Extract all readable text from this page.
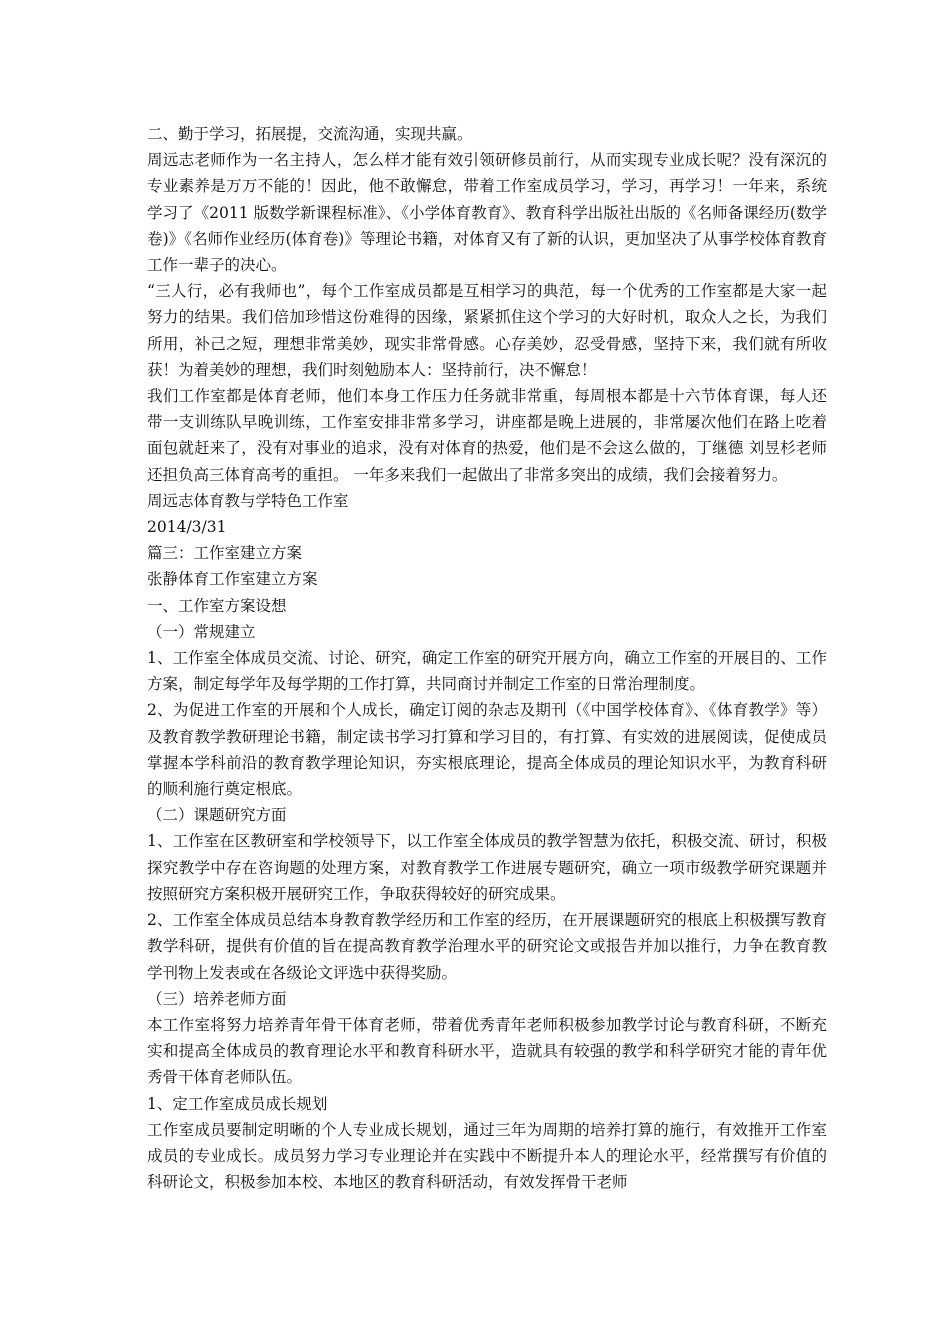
二、勤于学习，拓展提，交流沟通，实现共赢。

周远志老师作为一名主持人，怎么样才能有效引领研修员前行，从而实现专业成长呢？没有深沉的专业素养是万万不能的！因此，他不敢懈怠，带着工作室成员学习，学习，再学习！一年来，系统学习了《2011 版数学新课程标准》、《小学体育教育》、教育科学出版社出版的《名师备课经历(数学卷)》《名师作业经历(体育卷)》等理论书籍，对体育又有了新的认识，更加坚决了从事学校体育教育工作一辈子的决心。

“三人行，必有我师也”，每个工作室成员都是互相学习的典范，每一个优秀的工作室都是大家一起努力的结果。我们倍加珍惜这份难得的因缘，紧紧抓住这个学习的大好时机，取众人之长，为我们所用，补己之短，理想非常美妙，现实非常骨感。心存美妙，忍受骨感，坚持下来，我们就有所收获！为着美妙的理想，我们时刻勉励本人：坚持前行，决不懈怠！

我们工作室都是体育老师，他们本身工作压力任务就非常重，每周根本都是十六节体育课，每人还带一支训练队早晚训练，工作室安排非常多学习，讲座都是晚上进展的，非常屡次他们在路上吃着面包就赶来了，没有对事业的追求，没有对体育的热爱，他们是不会这么做的，丁继德 刘昱杉老师还担负高三体育高考的重担。 一年多来我们一起做出了非常多突出的成绩，我们会接着努力。

周远志体育教与学特色工作室

2014/3/31

篇三：工作室建立方案

张静体育工作室建立方案

一、工作室方案设想

（一）常规建立

1、工作室全体成员交流、讨论、研究，确定工作室的研究开展方向，确立工作室的开展目的、工作方案，制定每学年及每学期的工作打算，共同商讨并制定工作室的日常治理制度。

2、为促进工作室的开展和个人成长，确定订阅的杂志及期刊（《中国学校体育》、《体育教学》等）及教育教学教研理论书籍，制定读书学习打算和学习目的，有打算、有实效的进展阅读，促使成员掌握本学科前沿的教育教学理论知识，夯实根底理论，提高全体成员的理论知识水平，为教育科研的顺利施行奠定根底。

（二）课题研究方面

1、工作室在区教研室和学校领导下，以工作室全体成员的教学智慧为依托，积极交流、研讨，积极探究教学中存在咨询题的处理方案，对教育教学工作进展专题研究，确立一项市级教学研究课题并按照研究方案积极开展研究工作，争取获得较好的研究成果。

2、工作室全体成员总结本身教育教学经历和工作室的经历，在开展课题研究的根底上积极撰写教育教学科研，提供有价值的旨在提高教育教学治理水平的研究论文或报告并加以推行，力争在教育教学刊物上发表或在各级论文评选中获得奖励。

（三）培养老师方面

本工作室将努力培养青年骨干体育老师，带着优秀青年老师积极参加教学讨论与教育科研，不断充实和提高全体成员的教育理论水平和教育科研水平，造就具有较强的教学和科学研究才能的青年优秀骨干体育老师队伍。

1、定工作室成员成长规划

工作室成员要制定明晰的个人专业成长规划，通过三年为周期的培养打算的施行，有效推开工作室成员的专业成长。成员努力学习专业理论并在实践中不断提升本人的理论水平，经常撰写有价值的科研论文，积极参加本校、本地区的教育科研活动，有效发挥骨干老师
